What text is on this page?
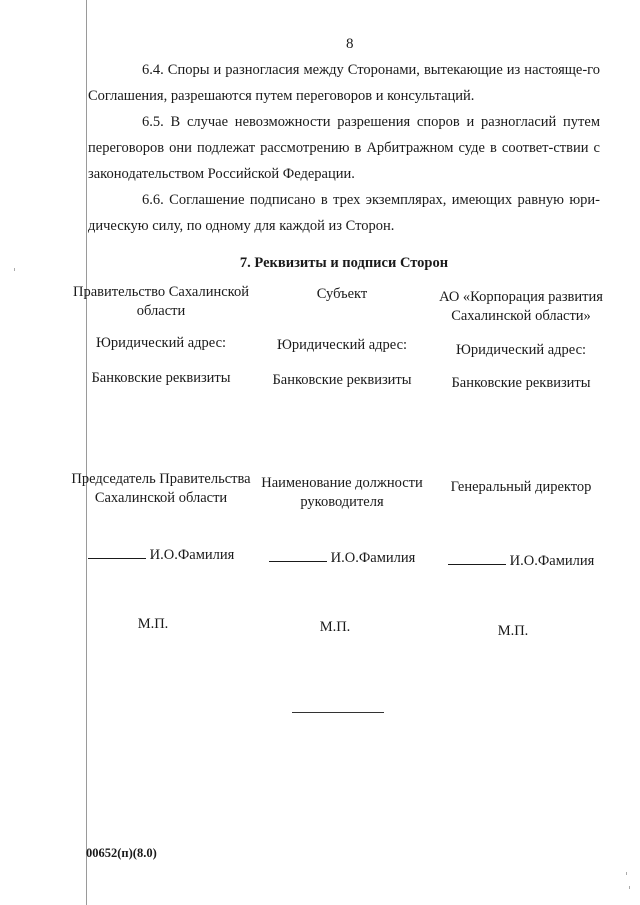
8

6.4. Споры и разногласия между Сторонами, вытекающие из настояще-го Соглашения, разрешаются путем переговоров и консультаций.

6.5. В случае невозможности разрешения споров и разногласий путем переговоров они подлежат рассмотрению в Арбитражном суде в соответ-ствии с законодательством Российской Федерации.

6.6. Соглашение подписано в трех экземплярах, имеющих равную юри-дическую силу, по одному для каждой из Сторон.

7. Реквизиты и подписи Сторон

Правительство Сахалинской области
Юридический адрес:
Банковские реквизиты
Председатель Правительства Сахалинской области
И.О.Фамилия
М.П.
Субъект
Юридический адрес:
Банковские реквизиты
Наименование должности руководителя
И.О.Фамилия
М.П.
АО «Корпорация развития Сахалинской области»
Юридический адрес:
Банковские реквизиты
Генеральный директор
И.О.Фамилия
М.П.
00652(п)(8.0)
